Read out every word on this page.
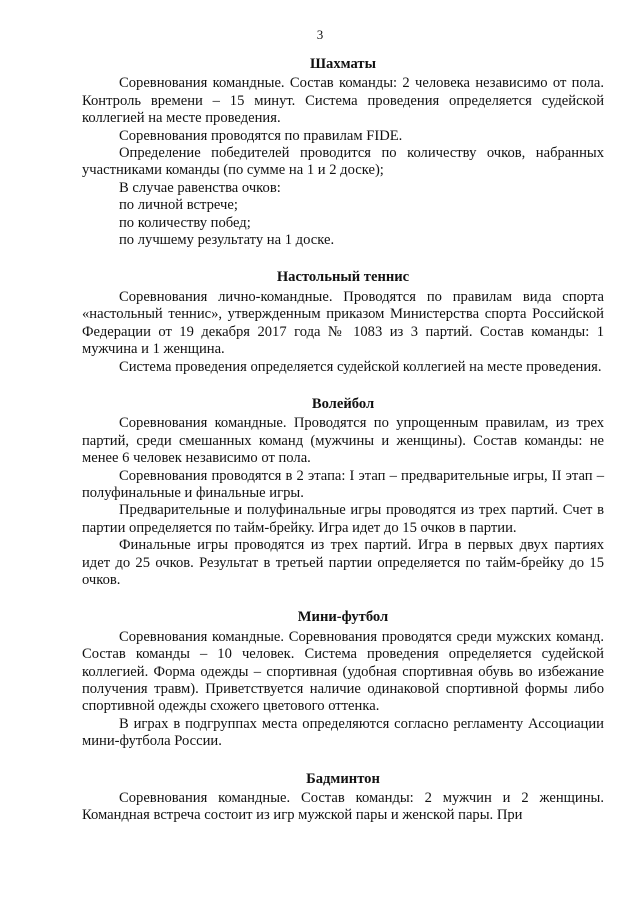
3
Шахматы

Соревнования командные. Состав команды: 2 человека независимо от пола. Контроль времени – 15 минут. Система проведения определяется судейской коллегией на месте проведения.

Соревнования проводятся по правилам FIDE.

Определение победителей проводится по количеству очков, набранных участниками команды (по сумме на 1 и 2 доске);

В случае равенства очков:

по личной встрече;

по количеству побед;

по лучшему результату на 1 доске.

Настольный теннис

Соревнования лично-командные. Проводятся по правилам вида спорта «настольный теннис», утвержденным приказом Министерства спорта Российской Федерации от 19 декабря 2017 года № 1083 из 3 партий. Состав команды: 1 мужчина и 1 женщина.

Система проведения определяется судейской коллегией на месте проведения.

Волейбол

Соревнования командные. Проводятся по упрощенным правилам, из трех партий, среди смешанных команд (мужчины и женщины). Состав команды: не менее 6 человек независимо от пола.

Соревнования проводятся в 2 этапа: I этап – предварительные игры, II этап – полуфинальные и финальные игры.

Предварительные и полуфинальные игры проводятся из трех партий. Счет в партии определяется по тайм-брейку. Игра идет до 15 очков в партии.

Финальные игры проводятся из трех партий. Игра в первых двух партиях идет до 25 очков. Результат в третьей партии определяется по тайм-брейку до 15 очков.

Мини-футбол

Соревнования командные. Соревнования проводятся среди мужских команд. Состав команды – 10 человек. Система проведения определяется судейской коллегией. Форма одежды – спортивная (удобная спортивная обувь во избежание получения травм). Приветствуется наличие одинаковой спортивной формы либо спортивной одежды схожего цветового оттенка.

В играх в подгруппах места определяются согласно регламенту Ассоциации мини-футбола России.

Бадминтон

Соревнования командные. Состав команды: 2 мужчин и 2 женщины. Командная встреча состоит из игр мужской пары и женской пары. При
